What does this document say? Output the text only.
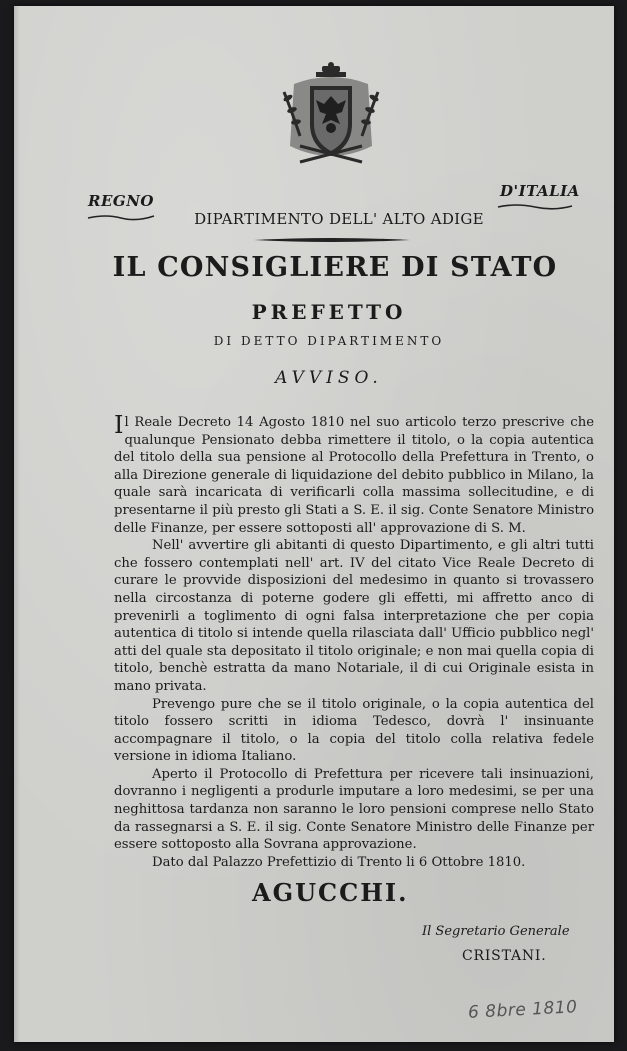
REGNO
D'ITALIA
DIPARTIMENTO DELL' ALTO ADIGE
IL CONSIGLIERE DI STATO
PREFETTO
DI DETTO DIPARTIMENTO
AVVISO.

Il Reale Decreto 14 Agosto 1810 nel suo articolo terzo prescrive che qualunque Pensionato debba rimettere il titolo, o la copia autentica del titolo della sua pensione al Protocollo della Prefettura in Trento, o alla Direzione generale di liquidazione del debito pubblico in Milano, la quale sarà incaricata di verificarli colla massima sollecitudine, e di presentarne il più presto gli Stati a S. E. il sig. Conte Senatore Ministro delle Finanze, per essere sottoposti all' approvazione di S. M.

Nell' avvertire gli abitanti di questo Dipartimento, e gli altri tutti che fossero contemplati nell' art. IV del citato Vice Reale Decreto di curare le provvide disposizioni del medesimo in quanto si trovassero nella circostanza di poterne godere gli effetti, mi affretto anco di prevenirli a toglimento di ogni falsa interpretazione che per copia autentica di titolo si intende quella rilasciata dall' Ufficio pubblico negl' atti del quale sta depositato il titolo originale; e non mai quella copia di titolo, benchè estratta da mano Notariale, il di cui Originale esista in mano privata.

Prevengo pure che se il titolo originale, o la copia autentica del titolo fossero scritti in idioma Tedesco, dovrà l' insinuante accompagnare il titolo, o la copia del titolo colla relativa fedele versione in idioma Italiano.

Aperto il Protocollo di Prefettura per ricevere tali insinuazioni, dovranno i negligenti a produrle imputare a loro medesimi, se per una neghittosa tardanza non saranno le loro pensioni comprese nello Stato da rassegnarsi a S. E. il sig. Conte Senatore Ministro delle Finanze per essere sottoposto alla Sovrana approvazione.

Dato dal Palazzo Prefettizio di Trento li 6 Ottobre 1810.

AGUCCHI.
Il Segretario Generale
CRISTANI.
6 8bre 1810
